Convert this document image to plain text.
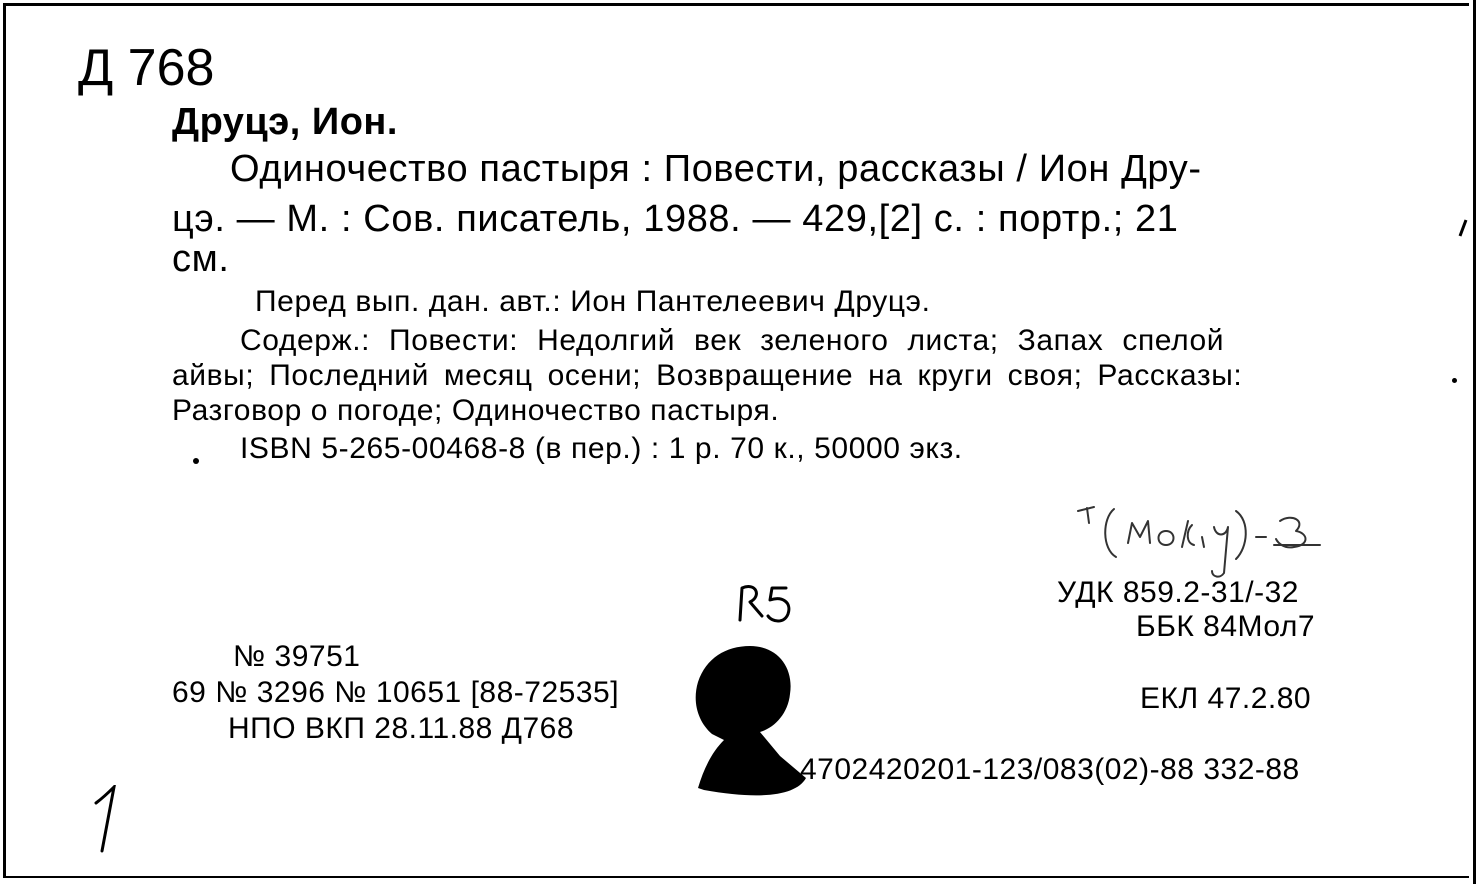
Д 768
Друцэ, Ион.
Одиночество пастыря : Повести, рассказы / Ион Дру-
цэ. — М. : Сов. писатель, 1988. — 429,[2] с. : портр.; 21
см.
Перед вып. дан. авт.: Ион Пантелеевич Друцэ.
Содерж.: Повести: Недолгий век зеленого листа; Запах спелой
айвы; Последний месяц осени; Возвращение на круги своя; Рассказы:
Разговор о погоде; Одиночество пастыря.
ISBN 5-265-00468-8 (в пер.) : 1 р. 70 к., 50000 экз.
№ 39751
69 № 3296 № 10651 [88-72535]
НПО ВКП 28.11.88 Д768
УДК 859.2-31/-32
ББК 84Мол7
ЕКЛ 47.2.80
4702420201-123/083(02)-88 332-88
